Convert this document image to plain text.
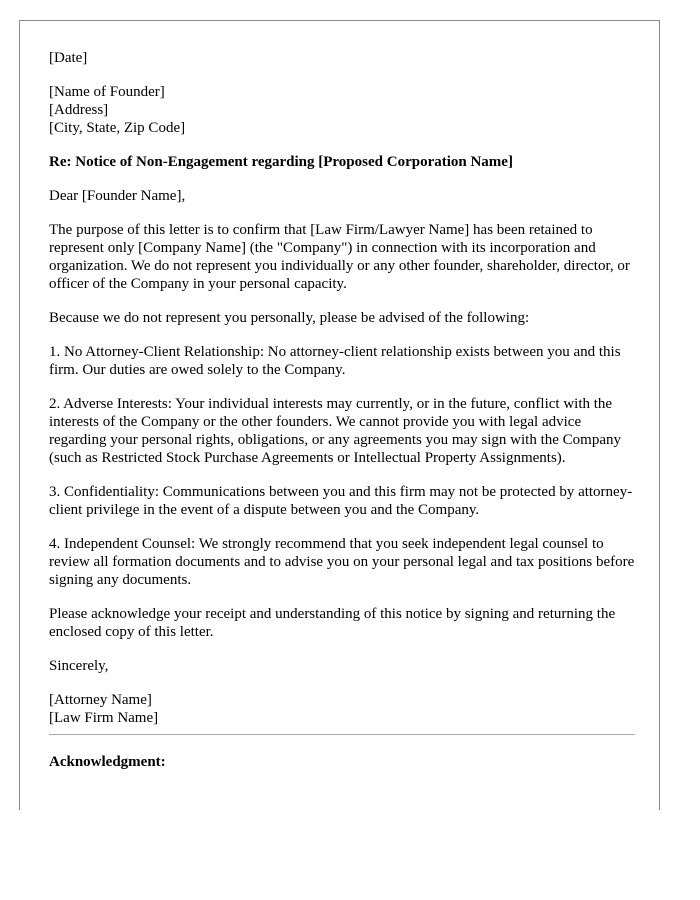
[Date]
[Name of Founder]
[Address]
[City, State, Zip Code]
Re: Notice of Non-Engagement regarding [Proposed Corporation Name]
Dear [Founder Name],

The purpose of this letter is to confirm that [Law Firm/Lawyer Name] has been retained to represent only [Company Name] (the "Company") in connection with its incorporation and organization. We do not represent you individually or any other founder, shareholder, director, or officer of the Company in your personal capacity.

Because we do not represent you personally, please be advised of the following:

1. No Attorney-Client Relationship: No attorney-client relationship exists between you and this firm. Our duties are owed solely to the Company.

2. Adverse Interests: Your individual interests may currently, or in the future, conflict with the interests of the Company or the other founders. We cannot provide you with legal advice regarding your personal rights, obligations, or any agreements you may sign with the Company (such as Restricted Stock Purchase Agreements or Intellectual Property Assignments).

3. Confidentiality: Communications between you and this firm may not be protected by attorney-client privilege in the event of a dispute between you and the Company.

4. Independent Counsel: We strongly recommend that you seek independent legal counsel to review all formation documents and to advise you on your personal legal and tax positions before signing any documents.

Please acknowledge your receipt and understanding of this notice by signing and returning the enclosed copy of this letter.

Sincerely,
[Attorney Name]
[Law Firm Name]
Acknowledgment:
